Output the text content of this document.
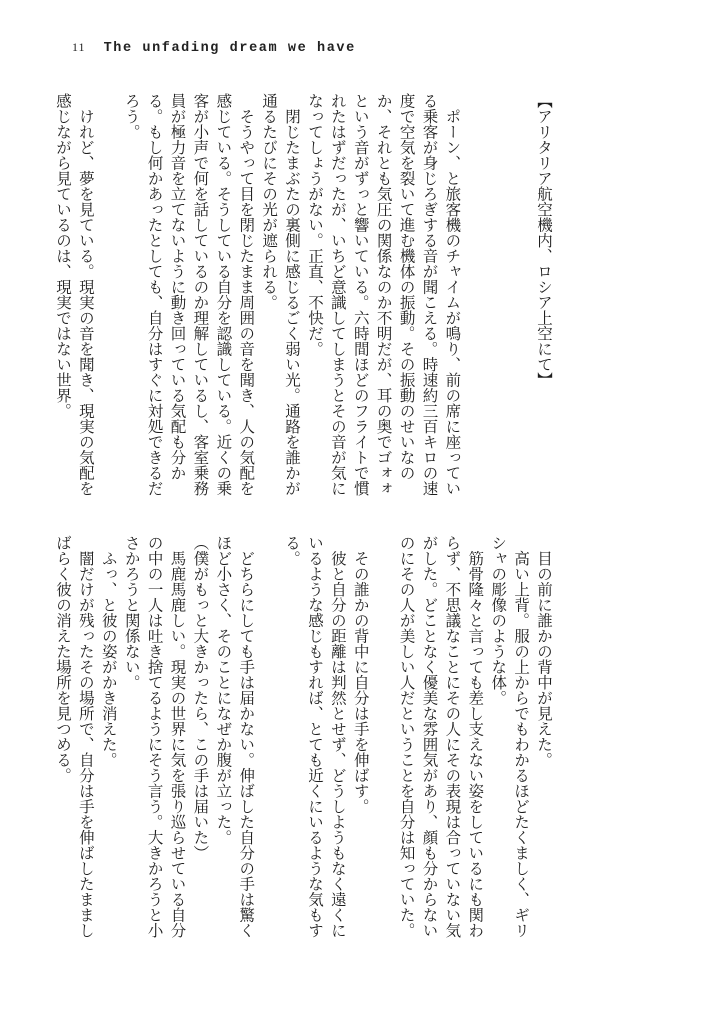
11 The unfading dream we have

【アリタリア航空機内、ロシア上空にて】

　ポーン、と旅客機のチャイムが鳴り、前の席に座っている乗客が身じろぎする音が聞こえる。時速約三百キロの速度で空気を裂いて進む機体の振動。その振動のせいなのか、それとも気圧の関係なのか不明だが、耳の奥でゴォォという音がずっと響いている。六時間ほどのフライトで慣れたはずだったが、いちど意識してしまうとその音が気になってしょうがない。正直、不快だ。

　閉じたまぶたの裏側に感じるごく弱い光。通路を誰かが通るたびにその光が遮られる。

　そうやって目を閉じたまま周囲の音を聞き、人の気配を感じている。そうしている自分を認識している。近くの乗客が小声で何を話しているのか理解しているし、客室乗務員が極力音を立てないように動き回っている気配も分かる。もし何かあったとしても、自分はすぐに対処できるだろう。

　けれど、夢を見ている。現実の音を聞き、現実の気配を感じながら見ているのは、現実ではない世界。

　目の前に誰かの背中が見えた。

　高い上背。服の上からでもわかるほどたくましく、ギリシャの彫像のような体。

　筋骨隆々と言っても差し支えない姿をしているにも関わらず、不思議なことにその人にその表現は合っていない気がした。どことなく優美な雰囲気があり、顔も分からないのにその人が美しい人だということを自分は知っていた。

　その誰かの背中に自分は手を伸ばす。

　彼と自分の距離は判然とせず、どうしようもなく遠くにいるような感じもすれば、とても近くにいるような気もする。

　どちらにしても手は届かない。伸ばした自分の手は驚くほど小さく、そのことになぜか腹が立った。

（僕がもっと大きかったら、この手は届いた）

　馬鹿馬鹿しい。現実の世界に気を張り巡らせている自分の中の一人は吐き捨てるようにそう言う。大きかろうと小さかろうと関係ない。

　ふっ、と彼の姿がかき消えた。

　闇だけが残ったその場所で、自分は手を伸ばしたまましばらく彼の消えた場所を見つめる。
